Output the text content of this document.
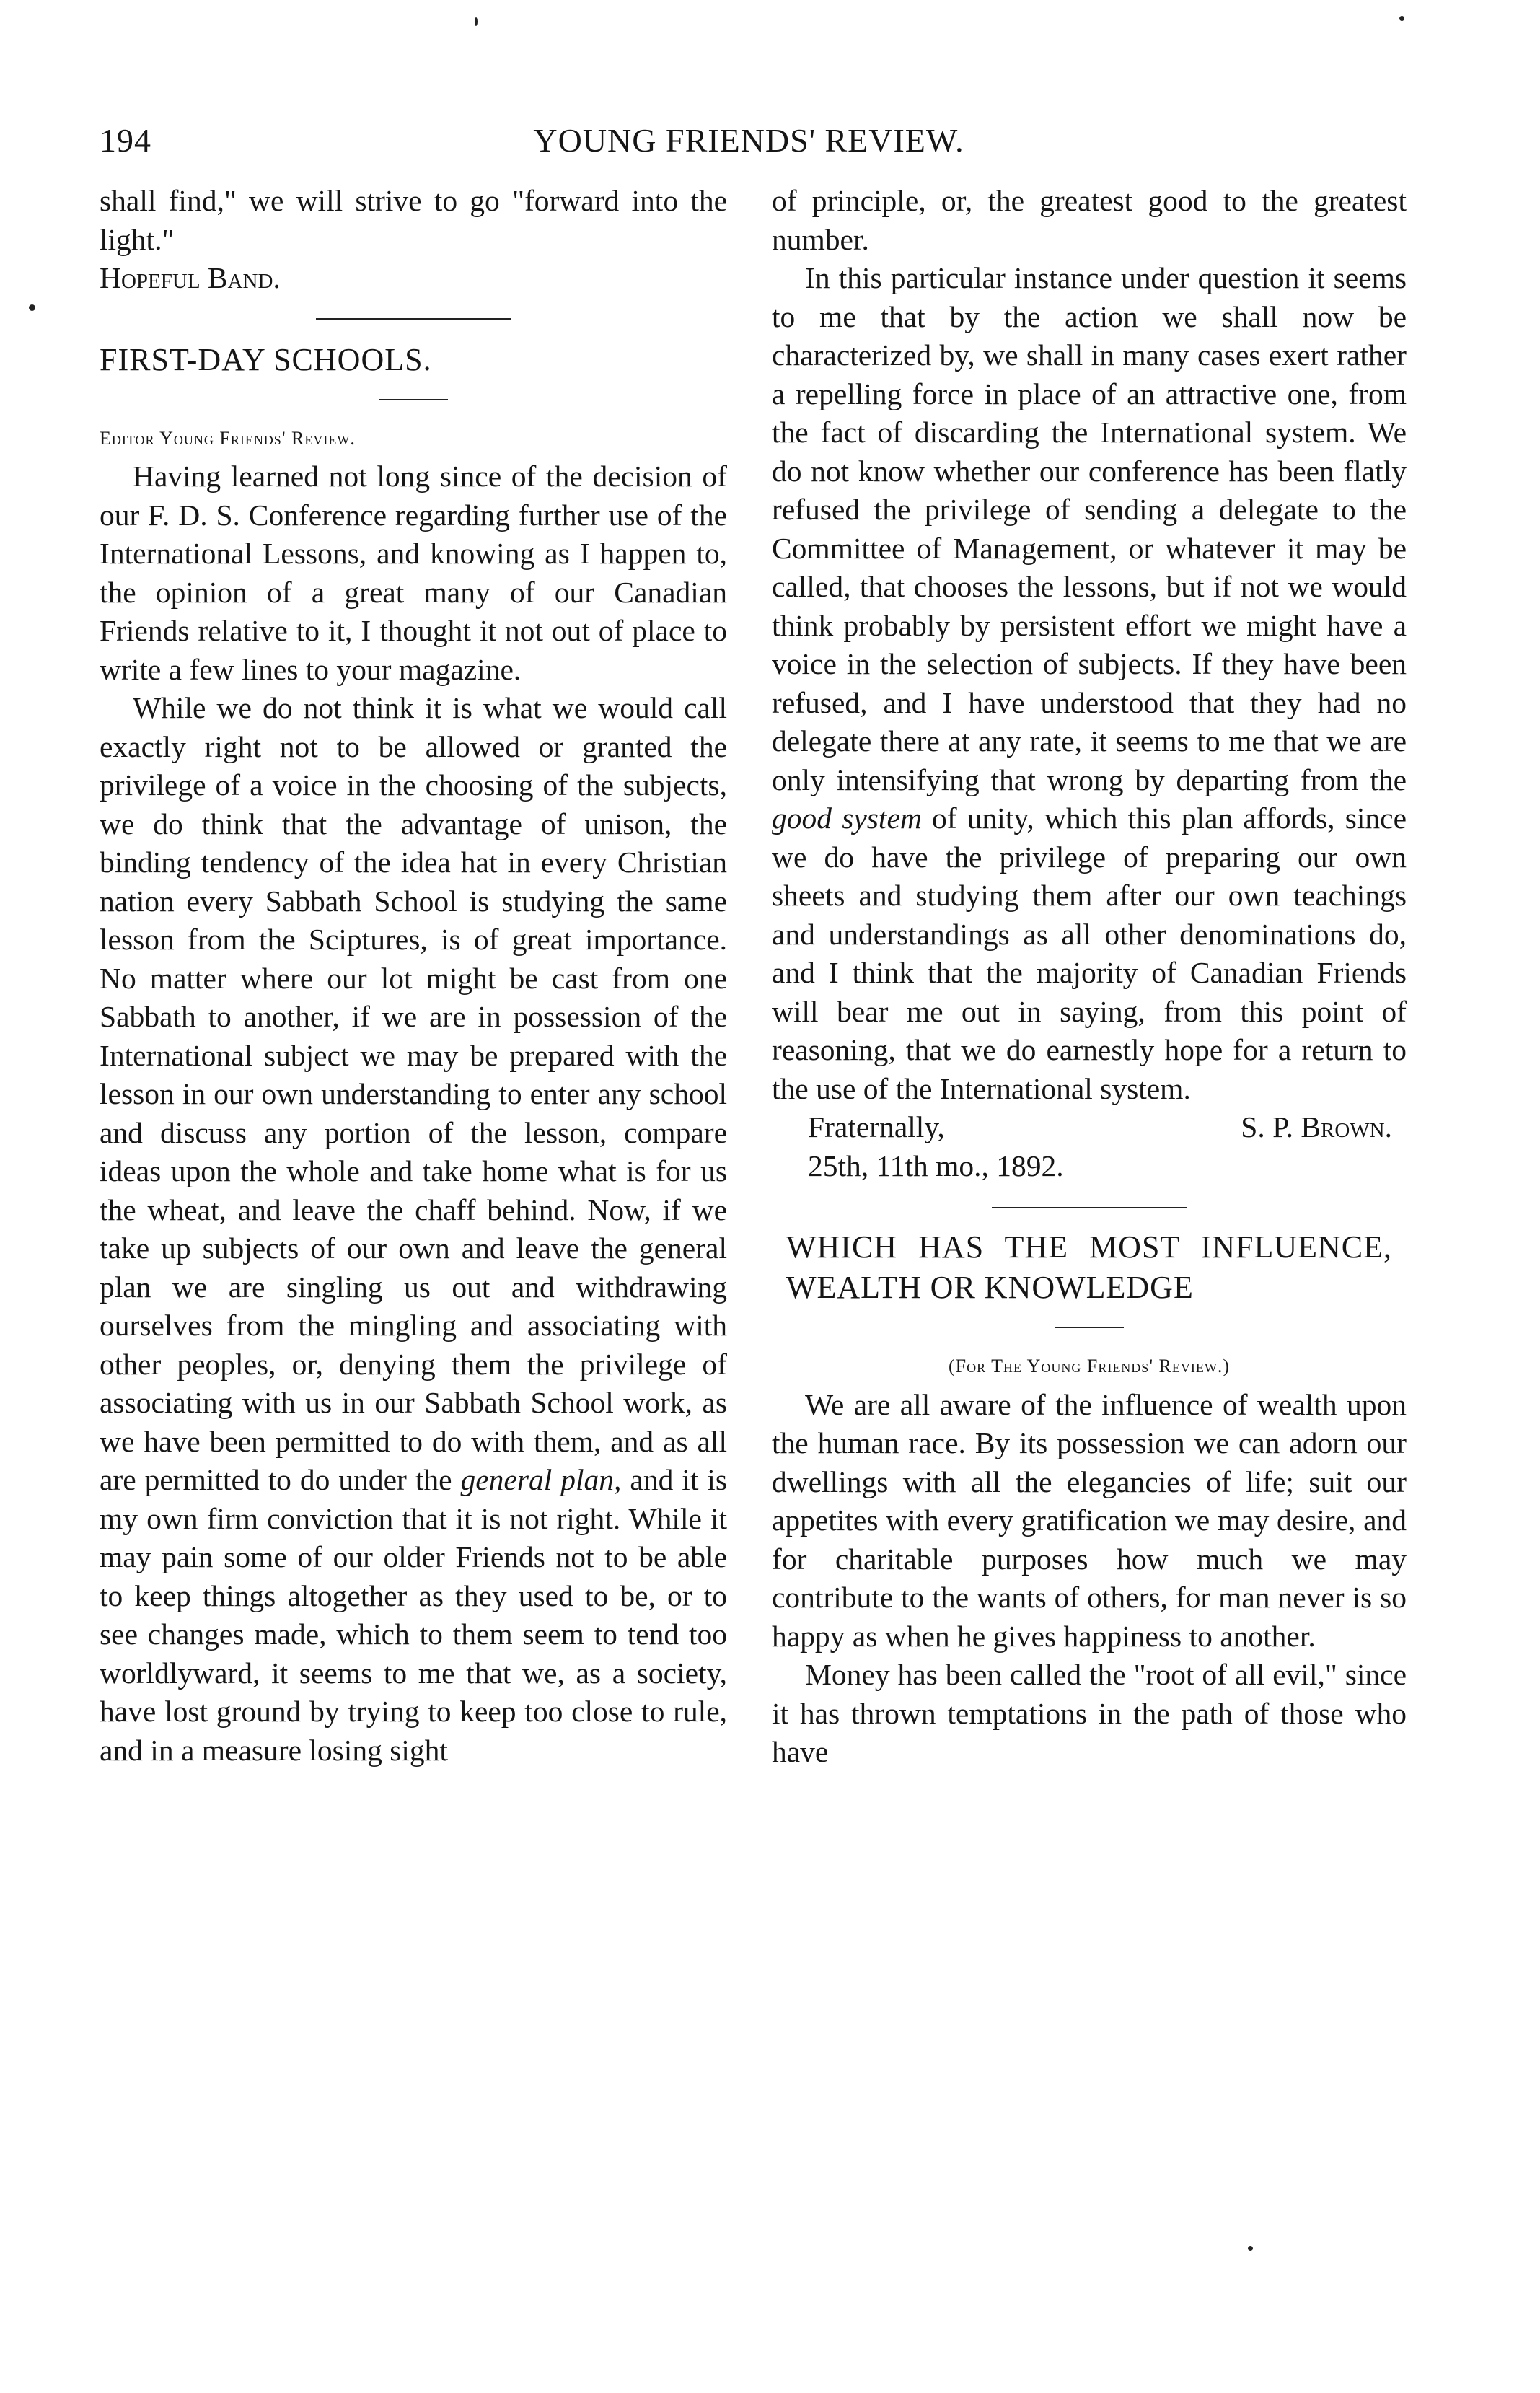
194	YOUNG FRIENDS' REVIEW.

shall find," we will strive to go "forward into the light."

Hopeful Band.

FIRST-DAY SCHOOLS.

Editor Young Friends' Review.

Having learned not long since of the decision of our F. D. S. Conference regarding further use of the International Lessons, and knowing as I happen to, the opinion of a great many of our Canadian Friends relative to it, I thought it not out of place to write a few lines to your magazine.

While we do not think it is what we would call exactly right not to be allowed or granted the privilege of a voice in the choosing of the subjects, we do think that the advantage of unison, the binding tendency of the idea hat in every Christian nation every Sabbath School is studying the same lesson from the Sciptures, is of great importance. No matter where our lot might be cast from one Sabbath to another, if we are in possession of the International subject we may be prepared with the lesson in our own understanding to enter any school and discuss any portion of the lesson, compare ideas upon the whole and take home what is for us the wheat, and leave the chaff behind. Now, if we take up subjects of our own and leave the general plan we are singling us out and withdrawing ourselves from the mingling and associating with other peoples, or, denying them the privilege of associating with us in our Sabbath School work, as we have been permitted to do with them, and as all are permitted to do under the general plan, and it is my own firm conviction that it is not right. While it may pain some of our older Friends not to be able to keep things altogether as they used to be, or to see changes made, which to them seem to tend too worldlyward, it seems to me that we, as a society, have lost ground by trying to keep too close to rule, and in a measure losing sight

of principle, or, the greatest good to the greatest number.

In this particular instance under question it seems to me that by the action we shall now be characterized by, we shall in many cases exert rather a repelling force in place of an attractive one, from the fact of discarding the International system. We do not know whether our conference has been flatly refused the privilege of sending a delegate to the Committee of Management, or whatever it may be called, that chooses the lessons, but if not we would think probably by persistent effort we might have a voice in the selection of subjects. If they have been refused, and I have understood that they had no delegate there at any rate, it seems to me that we are only intensifying that wrong by departing from the good system of unity, which this plan affords, since we do have the privilege of preparing our own sheets and studying them after our own teachings and understandings as all other denominations do, and I think that the majority of Canadian Friends will bear me out in saying, from this point of reasoning, that we do earnestly hope for a return to the use of the International system.

Fraternally,	S. P. Brown.

25th, 11th mo., 1892.

WHICH HAS THE MOST INFLUENCE, WEALTH OR KNOWLEDGE

(For The Young Friends' Review.)

We are all aware of the influence of wealth upon the human race. By its possession we can adorn our dwellings with all the elegancies of life; suit our appetites with every gratification we may desire, and for charitable purposes how much we may contribute to the wants of others, for man never is so happy as when he gives happiness to another.

Money has been called the "root of all evil," since it has thrown temptations in the path of those who have
